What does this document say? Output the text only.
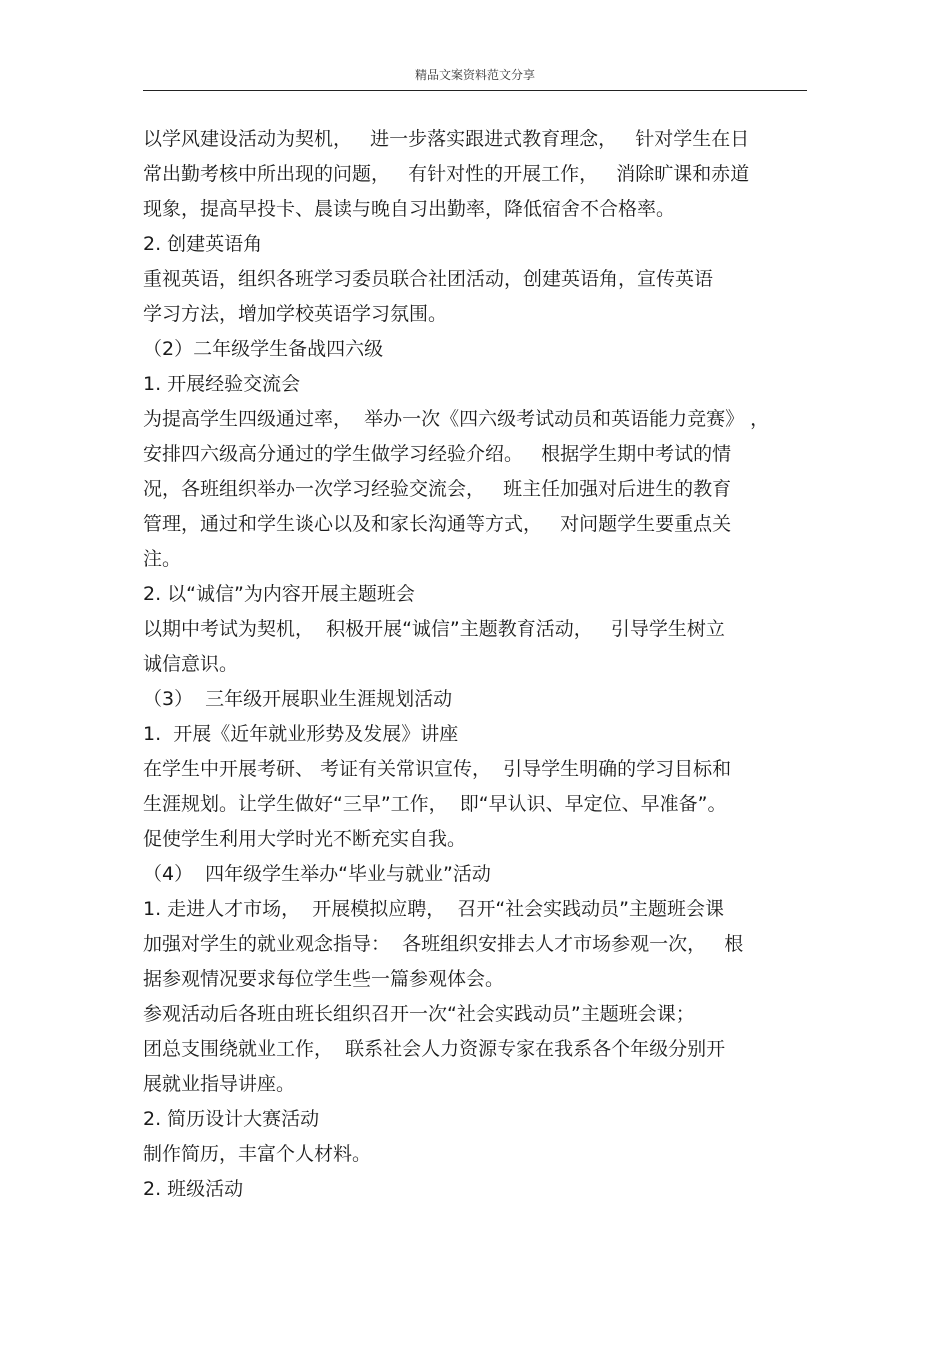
精品文案资料范文分享
以学风建设活动为契机，   进一步落实跟进式教育理念，   针对学生在日
常出勤考核中所出现的问题，   有针对性的开展工作，   消除旷课和赤道
现象，提高早投卡、晨读与晚自习出勤率，降低宿舍不合格率。
2. 创建英语角
重视英语，组织各班学习委员联合社团活动，创建英语角，宣传英语
学习方法，增加学校英语学习氛围。
（2）二年级学生备战四六级
1. 开展经验交流会
为提高学生四级通过率，  举办一次《四六级考试动员和英语能力竞赛》 ，
安排四六级高分通过的学生做学习经验介绍。   根据学生期中考试的情
况，各班组织举办一次学习经验交流会，   班主任加强对后进生的教育
管理，通过和学生谈心以及和家长沟通等方式，   对问题学生要重点关
注。
2. 以“诚信”为内容开展主题班会
以期中考试为契机，  积极开展“诚信”主题教育活动，   引导学生树立
诚信意识。
（3）  三年级开展职业生涯规划活动
1.  开展《近年就业形势及发展》讲座
在学生中开展考研、 考证有关常识宣传，  引导学生明确的学习目标和
生涯规划。让学生做好“三早”工作，  即“早认识、早定位、早准备”。
促使学生利用大学时光不断充实自我。
（4）  四年级学生举办“毕业与就业”活动
1. 走进人才市场，  开展模拟应聘，  召开“社会实践动员”主题班会课
加强对学生的就业观念指导：  各班组织安排去人才市场参观一次，   根
据参观情况要求每位学生些一篇参观体会。
参观活动后各班由班长组织召开一次“社会实践动员”主题班会课；
团总支围绕就业工作，  联系社会人力资源专家在我系各个年级分别开
展就业指导讲座。
2. 简历设计大赛活动
制作简历，丰富个人材料。
2. 班级活动
